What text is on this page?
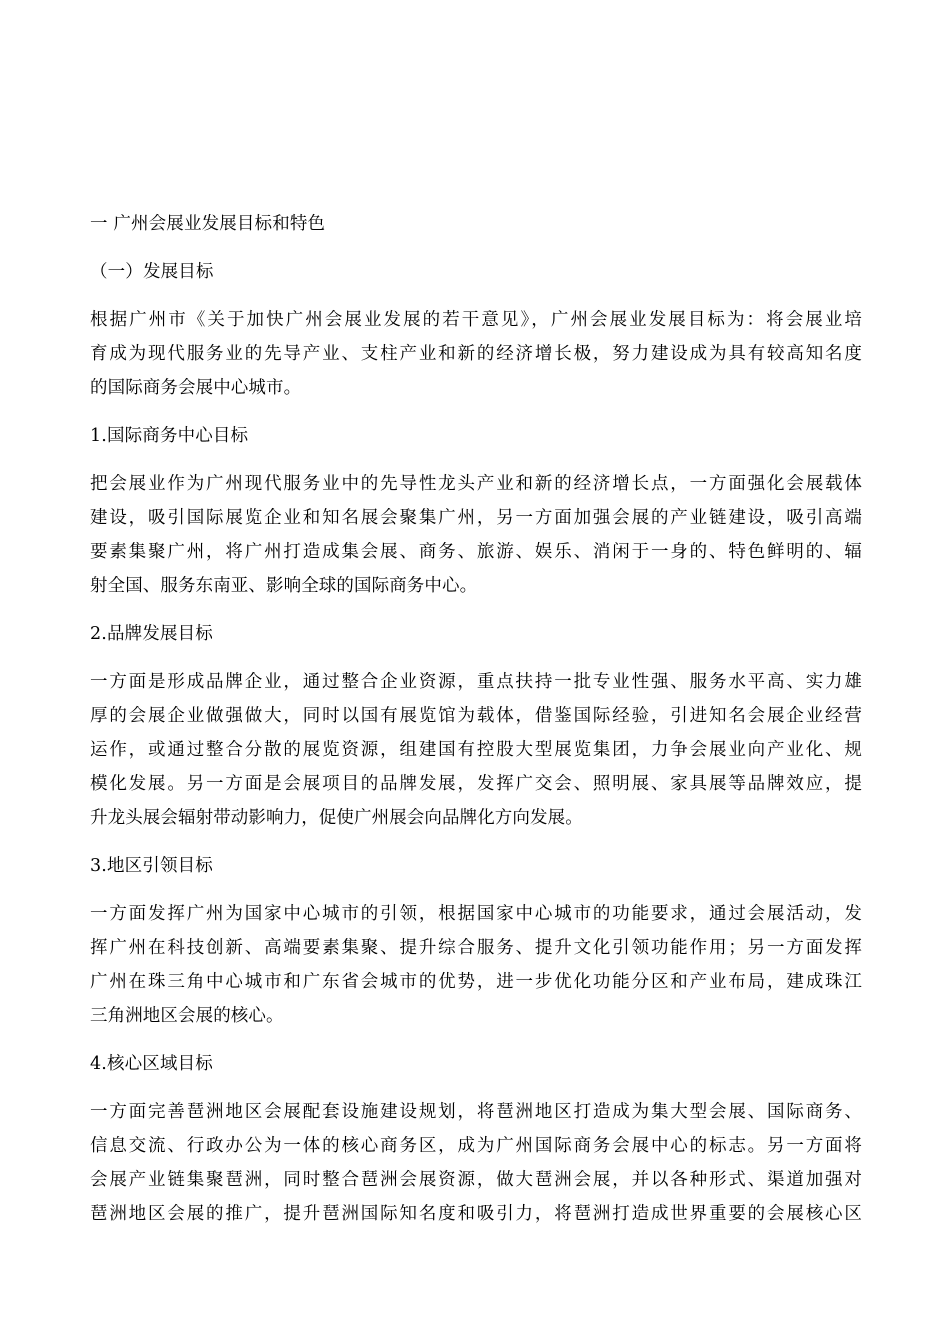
一 广州会展业发展目标和特色
（一）发展目标
根据广州市《关于加快广州会展业发展的若干意见》，广州会展业发展目标为：将会展业培
育成为现代服务业的先导产业、支柱产业和新的经济增长极，努力建设成为具有较高知名度
的国际商务会展中心城市。
1.国际商务中心目标
把会展业作为广州现代服务业中的先导性龙头产业和新的经济增长点，一方面强化会展载体
建设，吸引国际展览企业和知名展会聚集广州，另一方面加强会展的产业链建设，吸引高端
要素集聚广州，将广州打造成集会展、商务、旅游、娱乐、消闲于一身的、特色鲜明的、辐
射全国、服务东南亚、影响全球的国际商务中心。
2.品牌发展目标
一方面是形成品牌企业，通过整合企业资源，重点扶持一批专业性强、服务水平高、实力雄
厚的会展企业做强做大，同时以国有展览馆为载体，借鉴国际经验，引进知名会展企业经营
运作，或通过整合分散的展览资源，组建国有控股大型展览集团，力争会展业向产业化、规
模化发展。另一方面是会展项目的品牌发展，发挥广交会、照明展、家具展等品牌效应，提
升龙头展会辐射带动影响力，促使广州展会向品牌化方向发展。
3.地区引领目标
一方面发挥广州为国家中心城市的引领，根据国家中心城市的功能要求，通过会展活动，发
挥广州在科技创新、高端要素集聚、提升综合服务、提升文化引领功能作用；另一方面发挥
广州在珠三角中心城市和广东省会城市的优势，进一步优化功能分区和产业布局，建成珠江
三角洲地区会展的核心。
4.核心区域目标
一方面完善琶洲地区会展配套设施建设规划，将琶洲地区打造成为集大型会展、国际商务、
信息交流、行政办公为一体的核心商务区，成为广州国际商务会展中心的标志。另一方面将
会展产业链集聚琶洲，同时整合琶洲会展资源，做大琶洲会展，并以各种形式、渠道加强对
琶洲地区会展的推广，提升琶洲国际知名度和吸引力，将琶洲打造成世界重要的会展核心区
